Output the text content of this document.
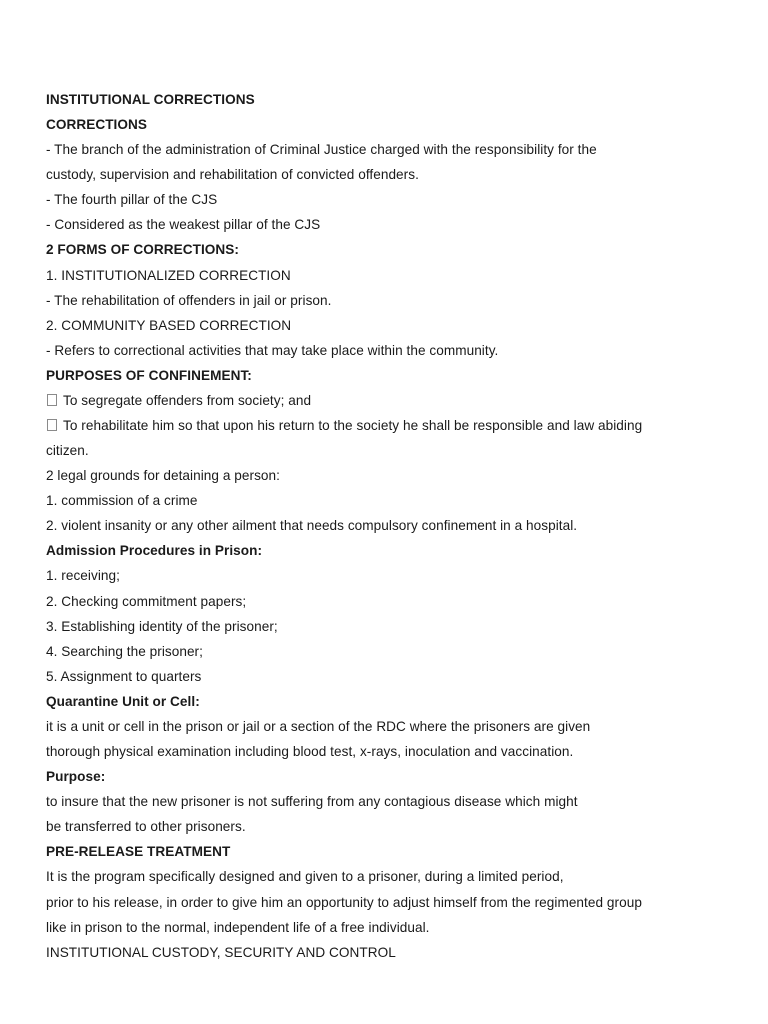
INSTITUTIONAL CORRECTIONS
CORRECTIONS
- The branch of the administration of Criminal Justice charged with the responsibility for the
custody, supervision and rehabilitation of convicted offenders.
- The fourth pillar of the CJS
- Considered as the weakest pillar of the CJS
2 FORMS OF CORRECTIONS:
1. INSTITUTIONALIZED CORRECTION
- The rehabilitation of offenders in jail or prison.
2. COMMUNITY BASED CORRECTION
- Refers to correctional activities that may take place within the community.
PURPOSES OF CONFINEMENT:
To segregate offenders from society; and
To rehabilitate him so that upon his return to the society he shall be responsible and law abiding
citizen.
2 legal grounds for detaining a person:
1. commission of a crime
2. violent insanity or any other ailment that needs compulsory confinement in a hospital.
Admission Procedures in Prison:
1. receiving;
2. Checking commitment papers;
3. Establishing identity of the prisoner;
4. Searching the prisoner;
5. Assignment to quarters
Quarantine Unit or Cell:
it is a unit or cell in the prison or jail or a section of the RDC where the prisoners are given
thorough physical examination including blood test, x-rays, inoculation and vaccination.
Purpose:
to insure that the new prisoner is not suffering from any contagious disease which might
be transferred to other prisoners.
PRE-RELEASE TREATMENT
It is the program specifically designed and given to a prisoner, during a limited period,
prior to his release, in order to give him an opportunity to adjust himself from the regimented group
like in prison to the normal, independent life of a free individual.
INSTITUTIONAL CUSTODY, SECURITY AND CONTROL
